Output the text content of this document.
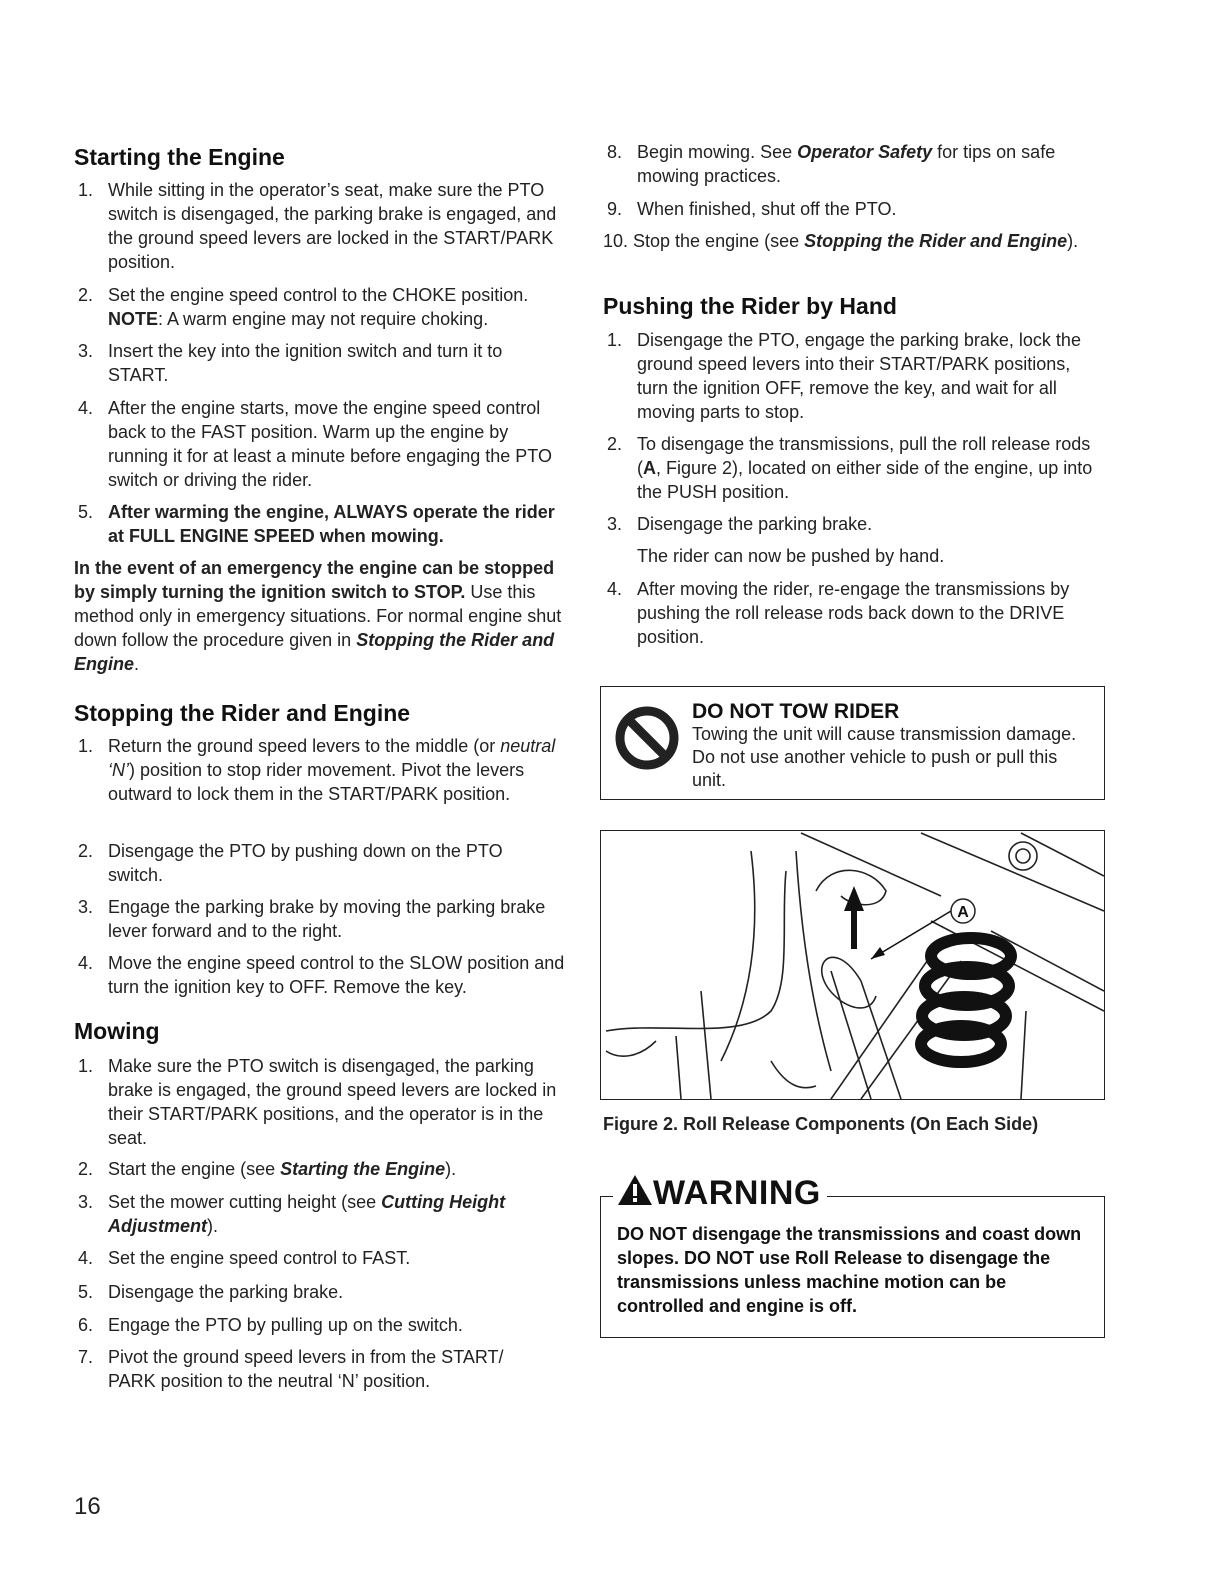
Starting the Engine
1. While sitting in the operator’s seat, make sure the PTO switch is disengaged, the parking brake is engaged, and the ground speed levers are locked in the START/PARK position.
2. Set the engine speed control to the CHOKE position.
NOTE: A warm engine may not require choking.
3. Insert the key into the ignition switch and turn it to START.
4. After the engine starts, move the engine speed control back to the FAST position. Warm up the engine by running it for at least a minute before engaging the PTO switch or driving the rider.
5. After warming the engine, ALWAYS operate the rider at FULL ENGINE SPEED when mowing.
In the event of an emergency the engine can be stopped by simply turning the ignition switch to STOP. Use this method only in emergency situations. For normal engine shut down follow the procedure given in Stopping the Rider and Engine.
Stopping the Rider and Engine
1. Return the ground speed levers to the middle (or neutral ‘N’) position to stop rider movement. Pivot the levers outward to lock them in the START/PARK position.
2. Disengage the PTO by pushing down on the PTO switch.
3. Engage the parking brake by moving the parking brake lever forward and to the right.
4. Move the engine speed control to the SLOW position and turn the ignition key to OFF. Remove the key.
Mowing
1. Make sure the PTO switch is disengaged, the parking brake is engaged, the ground speed levers are locked in their START/PARK positions, and the operator is in the seat.
2. Start the engine (see Starting the Engine).
3. Set the mower cutting height (see Cutting Height Adjustment).
4. Set the engine speed control to FAST.
5. Disengage the parking brake.
6. Engage the PTO by pulling up on the switch.
7. Pivot the ground speed levers in from the START/ PARK position to the neutral ‘N’ position.
8. Begin mowing. See Operator Safety for tips on safe mowing practices.
9. When finished, shut off the PTO.
10. Stop the engine (see Stopping the Rider and Engine).
Pushing the Rider by Hand
1. Disengage the PTO, engage the parking brake, lock the ground speed levers into their START/PARK positions, turn the ignition OFF, remove the key, and wait for all moving parts to stop.
2. To disengage the transmissions, pull the roll release rods (A, Figure 2), located on either side of the engine, up into the PUSH position.
3. Disengage the parking brake.
The rider can now be pushed by hand.
4. After moving the rider, re-engage the transmissions by pushing the roll release rods back down to the DRIVE position.
DO NOT TOW RIDER
Towing the unit will cause transmission damage. Do not use another vehicle to push or pull this unit.
A
Figure 2. Roll Release Components (On Each Side)
WARNING
DO NOT disengage the transmissions and coast down slopes. DO NOT use Roll Release to disengage the transmissions unless machine motion can be controlled and engine is off.
16
